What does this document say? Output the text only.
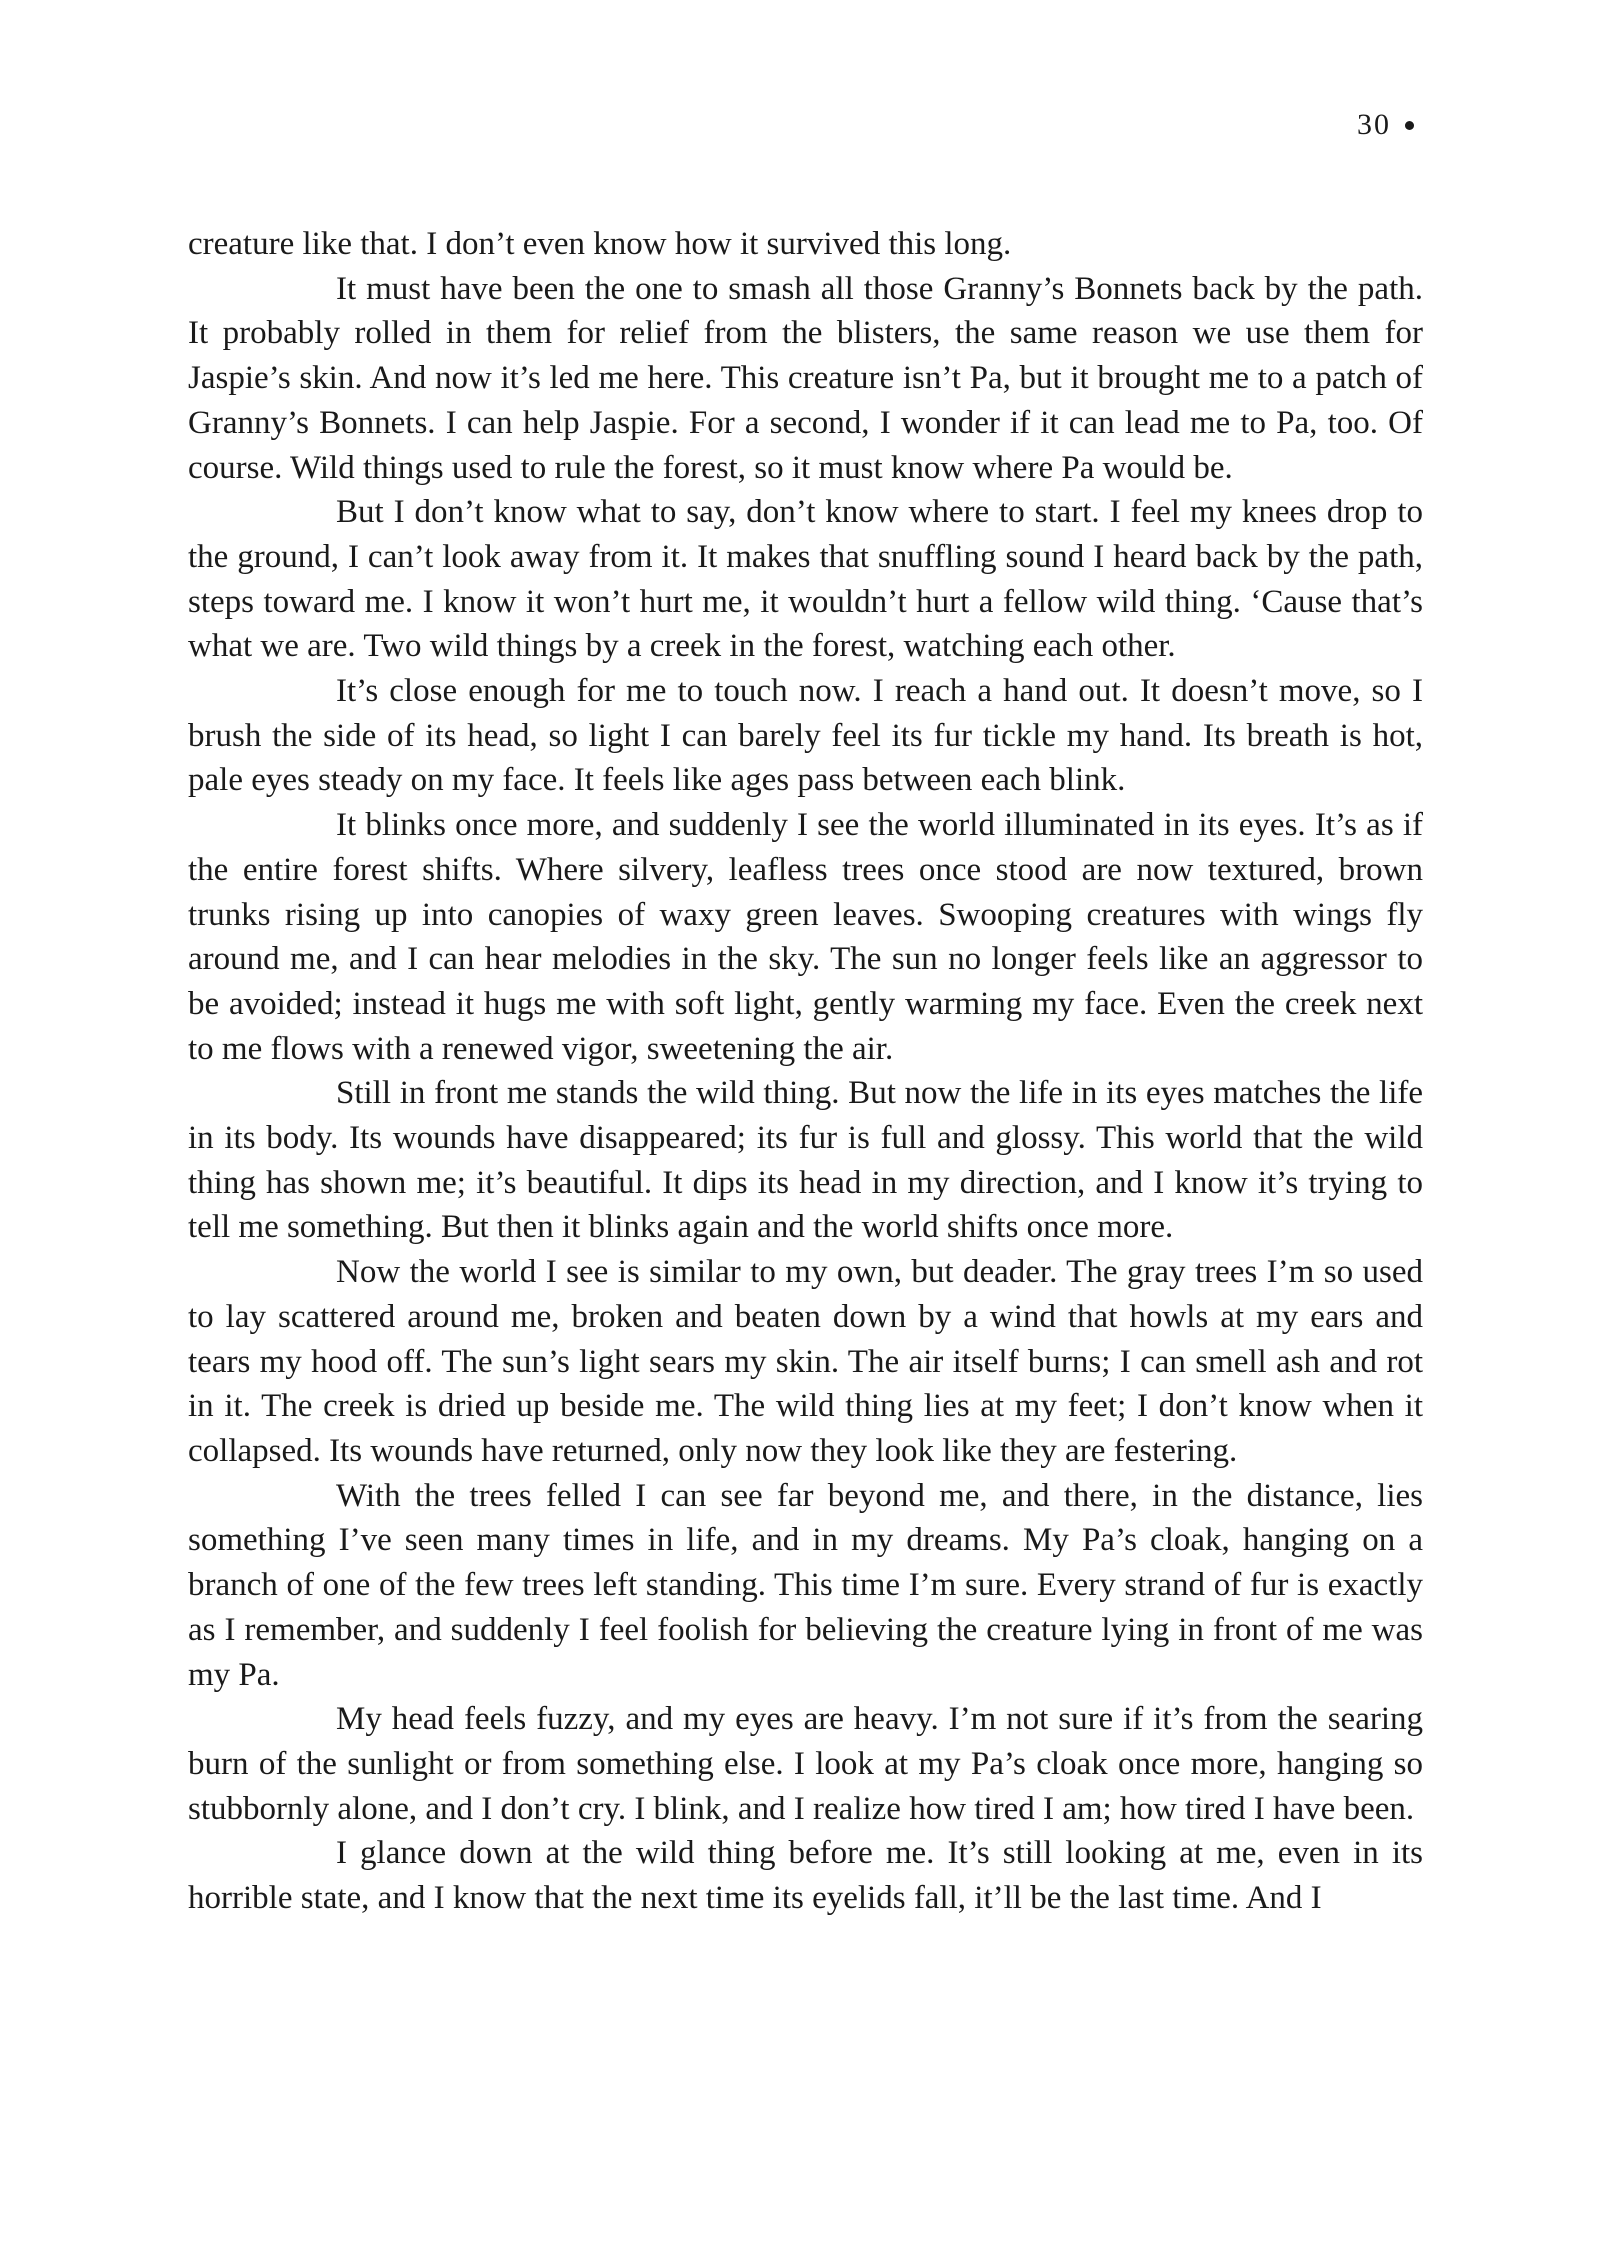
30

creature like that. I don’t even know how it survived this long.

It must have been the one to smash all those Granny’s Bonnets back by the path. It probably rolled in them for relief from the blisters, the same reason we use them for Jaspie’s skin. And now it’s led me here. This creature isn’t Pa, but it brought me to a patch of Granny’s Bonnets. I can help Jaspie. For a second, I wonder if it can lead me to Pa, too. Of course. Wild things used to rule the forest, so it must know where Pa would be.

But I don’t know what to say, don’t know where to start. I feel my knees drop to the ground, I can’t look away from it. It makes that snuffling sound I heard back by the path, steps toward me. I know it won’t hurt me, it wouldn’t hurt a fellow wild thing. ‘Cause that’s what we are. Two wild things by a creek in the forest, watching each other.

It’s close enough for me to touch now. I reach a hand out. It doesn’t move, so I brush the side of its head, so light I can barely feel its fur tickle my hand. Its breath is hot, pale eyes steady on my face. It feels like ages pass between each blink.

It blinks once more, and suddenly I see the world illuminated in its eyes. It’s as if the entire forest shifts. Where silvery, leafless trees once stood are now textured, brown trunks rising up into canopies of waxy green leaves. Swooping creatures with wings fly around me, and I can hear melodies in the sky. The sun no longer feels like an aggressor to be avoided; instead it hugs me with soft light, gently warming my face. Even the creek next to me flows with a renewed vigor, sweetening the air.

Still in front me stands the wild thing. But now the life in its eyes matches the life in its body. Its wounds have disappeared; its fur is full and glossy. This world that the wild thing has shown me; it’s beautiful. It dips its head in my direction, and I know it’s trying to tell me something. But then it blinks again and the world shifts once more.

Now the world I see is similar to my own, but deader. The gray trees I’m so used to lay scattered around me, broken and beaten down by a wind that howls at my ears and tears my hood off. The sun’s light sears my skin. The air itself burns; I can smell ash and rot in it. The creek is dried up beside me. The wild thing lies at my feet; I don’t know when it collapsed. Its wounds have returned, only now they look like they are festering.

With the trees felled I can see far beyond me, and there, in the distance, lies something I’ve seen many times in life, and in my dreams. My Pa’s cloak, hanging on a branch of one of the few trees left standing. This time I’m sure. Every strand of fur is exactly as I remember, and suddenly I feel foolish for believing the creature lying in front of me was my Pa.

My head feels fuzzy, and my eyes are heavy. I’m not sure if it’s from the searing burn of the sunlight or from something else. I look at my Pa’s cloak once more, hanging so stubbornly alone, and I don’t cry. I blink, and I realize how tired I am; how tired I have been.

I glance down at the wild thing before me. It’s still looking at me, even in its horrible state, and I know that the next time its eyelids fall, it’ll be the last time. And I
